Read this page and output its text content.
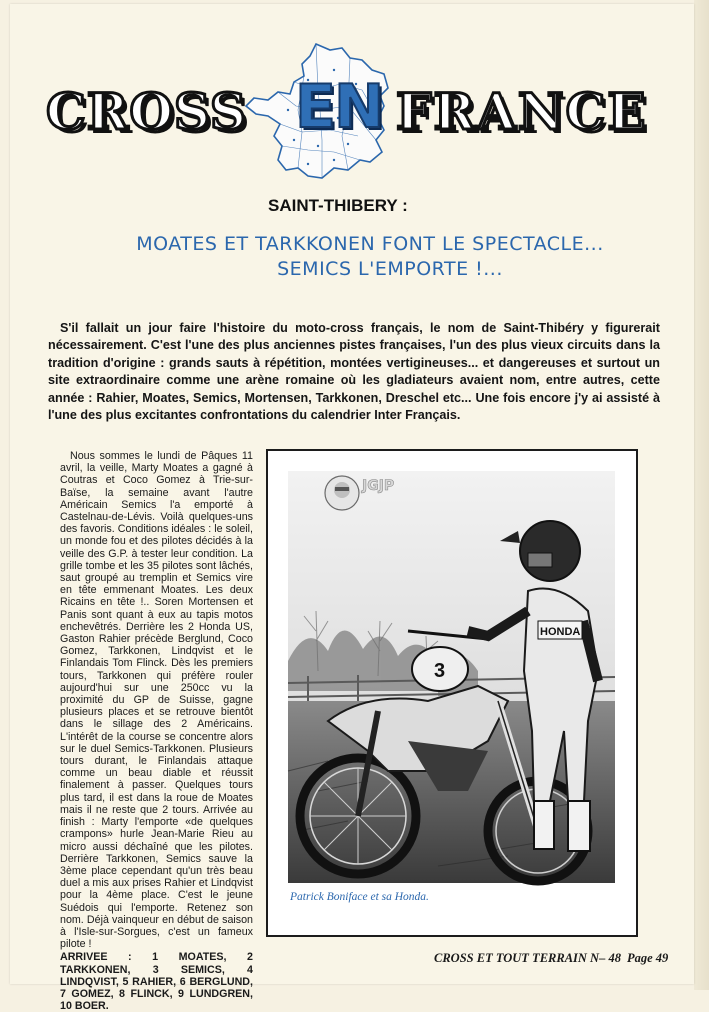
CROSS EN FRANCE
SAINT-THIBERY :
MOATES ET TARKKONEN FONT LE SPECTACLE...
SEMICS L'EMPORTE !...
S'il fallait un jour faire l'histoire du moto-cross français, le nom de Saint-Thibéry y figurerait nécessairement. C'est l'une des plus anciennes pistes françaises, l'un des plus vieux circuits dans la tradition d'origine : grands sauts à répétition, montées vertigineuses... et dangereuses et surtout un site extraordinaire comme une arène romaine où les gladiateurs avaient nom, entre autres, cette année : Rahier, Moates, Semics, Mortensen, Tarkkonen, Dreschel etc... Une fois encore j'y ai assisté à l'une des plus excitantes confrontations du calendrier Inter Français.

Nous sommes le lundi de Pâques 11 avril, la veille, Marty Moates a gagné à Coutras et Coco Gomez à Trie-sur-Baïse, la semaine avant l'autre Américain Semics l'a emporté à Castelnau-de-Lévis. Voilà quelques-uns des favoris. Conditions idéales : le soleil, un monde fou et des pilotes décidés à la veille des G.P. à tester leur condition. La grille tombe et les 35 pilotes sont lâchés, saut groupé au tremplin et Semics vire en tête emmenant Moates. Les deux Ricains en tête !.. Soren Mortensen et Panis sont quant à eux au tapis motos enchevêtrés. Derrière les 2 Honda US, Gaston Rahier précède Berglund, Coco Gomez, Tarkkonen, Lindqvist et le Finlandais Tom Flinck. Dès les premiers tours, Tarkkonen qui préfère rouler aujourd'hui sur une 250cc vu la proximité du GP de Suisse, gagne plusieurs places et se retrouve bientôt dans le sillage des 2 Américains. L'intérêt de la course se concentre alors sur le duel Semics-Tarkkonen. Plusieurs tours durant, le Finlandais attaque comme un beau diable et réussit finalement à passer. Quelques tours plus tard, il est dans la roue de Moates mais il ne reste que 2 tours. Arrivée au finish : Marty l'emporte «de quelques crampons» hurle Jean-Marie Rieu au micro aussi déchaîné que les pilotes. Derrière Tarkkonen, Semics sauve la 3ème place cependant qu'un très beau duel a mis aux prises Rahier et Lindqvist pour la 4ème place. C'est le jeune Suédois qui l'emporte. Retenez son nom. Déjà vainqueur en début de saison à l'Isle-sur-Sorgues, c'est un fameux pilote !

ARRIVEE : 1 MOATES, 2 TARKKONEN, 3 SEMICS, 4 LINDQVIST, 5 RAHIER, 6 BERGLUND, 7 GOMEZ, 8 FLINCK, 9 LUNDGREN, 10 BOER.

3
HONDA
Patrick Boniface et sa Honda.
JGJP
CROSS ET TOUT TERRAIN N– 48 Page 49
